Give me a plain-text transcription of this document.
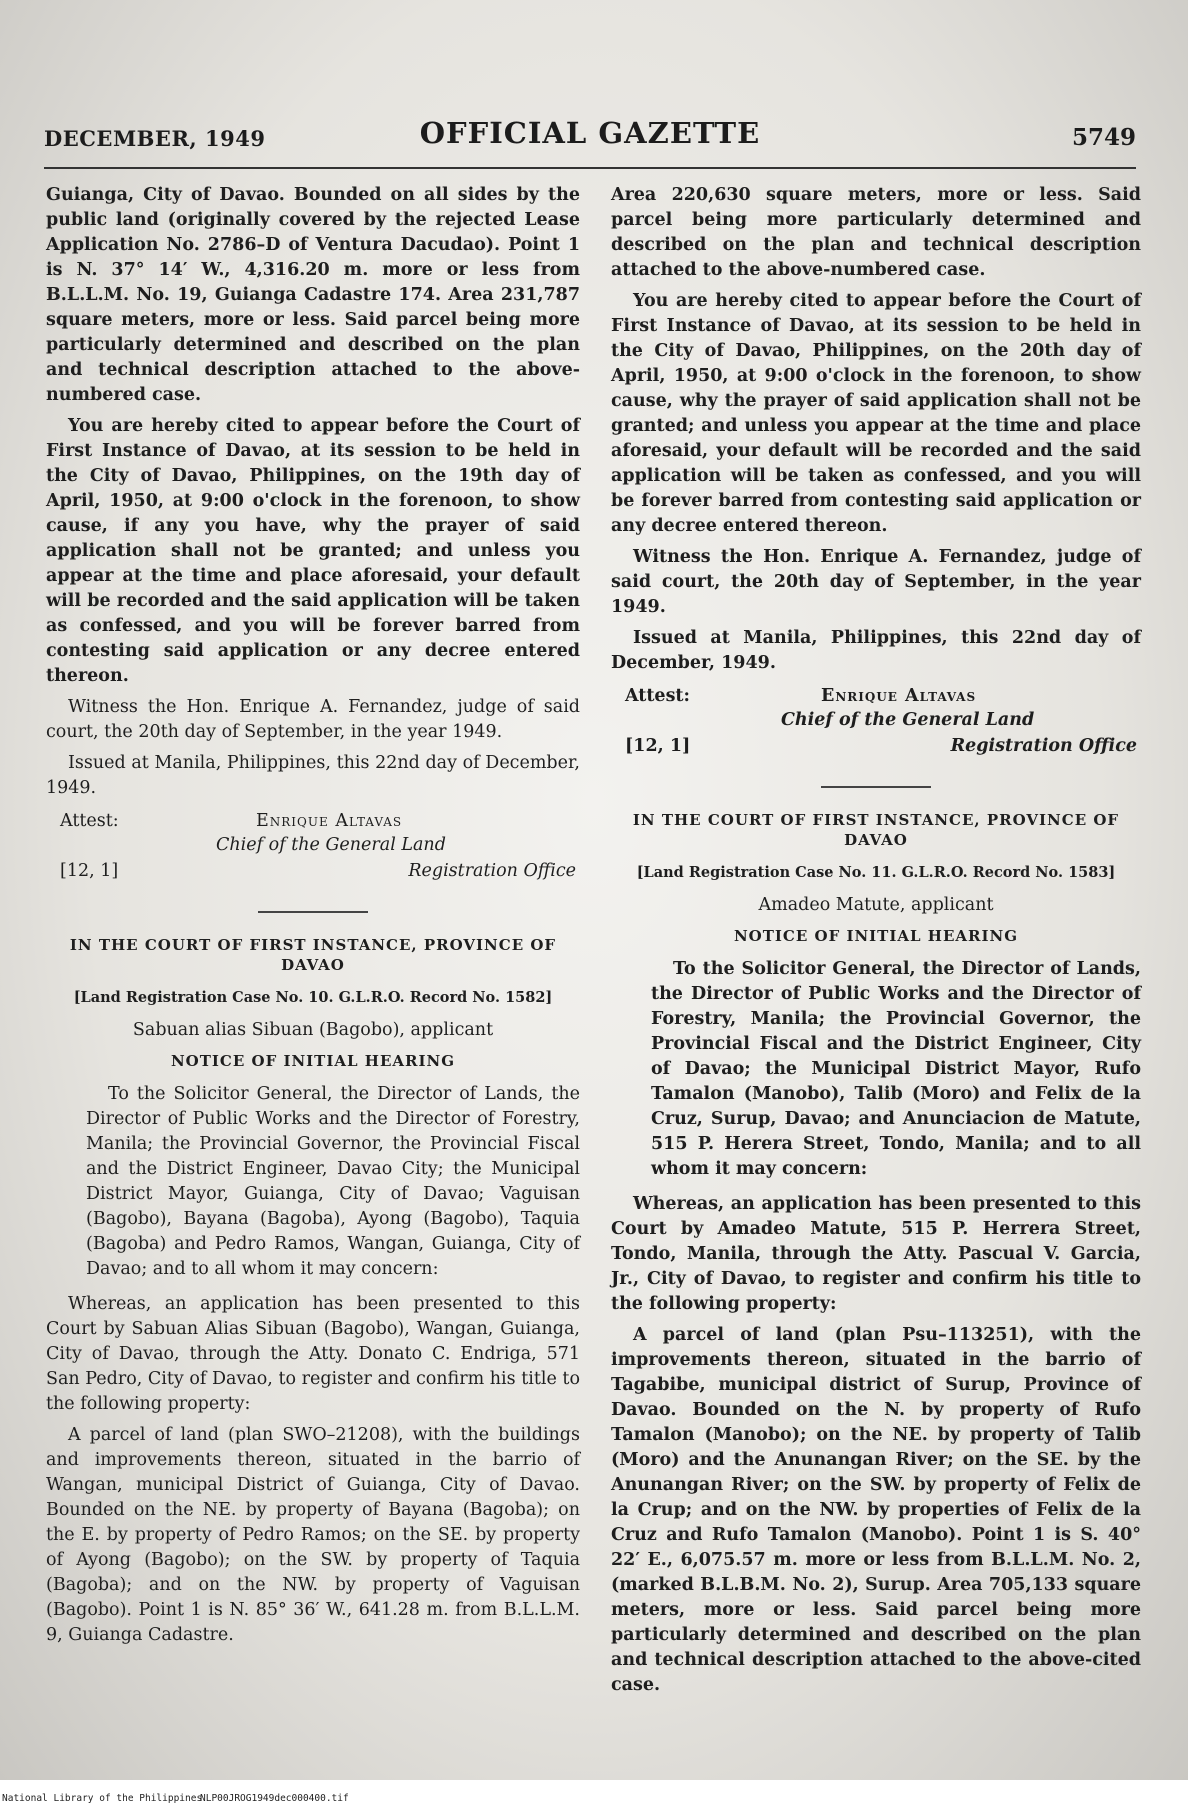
DECEMBER, 1949	OFFICIAL GAZETTE	5749

Guianga, City of Davao. Bounded on all sides by the public land (originally covered by the rejected Lease Application No. 2786–D of Ventura Dacudao). Point 1 is N. 37° 14′ W., 4,316.20 m. more or less from B.L.L.M. No. 19, Guianga Cadastre 174. Area 231,787 square meters, more or less. Said parcel being more particularly determined and described on the plan and technical description attached to the above-numbered case.

You are hereby cited to appear before the Court of First Instance of Davao, at its session to be held in the City of Davao, Philippines, on the 19th day of April, 1950, at 9:00 o'clock in the forenoon, to show cause, if any you have, why the prayer of said application shall not be granted; and unless you appear at the time and place aforesaid, your default will be recorded and the said application will be taken as confessed, and you will be forever barred from contesting said application or any decree entered thereon.

Witness the Hon. Enrique A. Fernandez, judge of said court, the 20th day of September, in the year 1949.

Issued at Manila, Philippines, this 22nd day of December, 1949.

Attest:	Enrique Altavas
Chief of the General Land
[12, 1]	Registration Office
IN THE COURT OF FIRST INSTANCE, PROVINCE OF DAVAO
[Land Registration Case No. 10. G.L.R.O. Record No. 1582]
Sabuan alias Sibuan (Bagobo), applicant
NOTICE OF INITIAL HEARING

To the Solicitor General, the Director of Lands, the Director of Public Works and the Director of Forestry, Manila; the Provincial Governor, the Provincial Fiscal and the District Engineer, Davao City; the Municipal District Mayor, Guianga, City of Davao; Vaguisan (Bagobo), Bayana (Bagoba), Ayong (Bagobo), Taquia (Bagoba) and Pedro Ramos, Wangan, Guianga, City of Davao; and to all whom it may concern:

Whereas, an application has been presented to this Court by Sabuan Alias Sibuan (Bagobo), Wangan, Guianga, City of Davao, through the Atty. Donato C. Endriga, 571 San Pedro, City of Davao, to register and confirm his title to the following property:

A parcel of land (plan SWO–21208), with the buildings and improvements thereon, situated in the barrio of Wangan, municipal District of Guianga, City of Davao. Bounded on the NE. by property of Bayana (Bagoba); on the E. by property of Pedro Ramos; on the SE. by property of Ayong (Bagobo); on the SW. by property of Taquia (Bagoba); and on the NW. by property of Vaguisan (Bagobo). Point 1 is N. 85° 36′ W., 641.28 m. from B.L.L.M. 9, Guianga Cadastre.

Area 220,630 square meters, more or less. Said parcel being more particularly determined and described on the plan and technical description attached to the above-numbered case.

You are hereby cited to appear before the Court of First Instance of Davao, at its session to be held in the City of Davao, Philippines, on the 20th day of April, 1950, at 9:00 o'clock in the forenoon, to show cause, why the prayer of said application shall not be granted; and unless you appear at the time and place aforesaid, your default will be recorded and the said application will be taken as confessed, and you will be forever barred from contesting said application or any decree entered thereon.

Witness the Hon. Enrique A. Fernandez, judge of said court, the 20th day of September, in the year 1949.

Issued at Manila, Philippines, this 22nd day of December, 1949.

Attest:	Enrique Altavas
Chief of the General Land
[12, 1]	Registration Office
IN THE COURT OF FIRST INSTANCE, PROVINCE OF DAVAO
[Land Registration Case No. 11. G.L.R.O. Record No. 1583]
Amadeo Matute, applicant
NOTICE OF INITIAL HEARING

To the Solicitor General, the Director of Lands, the Director of Public Works and the Director of Forestry, Manila; the Provincial Governor, the Provincial Fiscal and the District Engineer, City of Davao; the Municipal District Mayor, Rufo Tamalon (Manobo), Talib (Moro) and Felix de la Cruz, Surup, Davao; and Anunciacion de Matute, 515 P. Herera Street, Tondo, Manila; and to all whom it may concern:

Whereas, an application has been presented to this Court by Amadeo Matute, 515 P. Herrera Street, Tondo, Manila, through the Atty. Pascual V. Garcia, Jr., City of Davao, to register and confirm his title to the following property:

A parcel of land (plan Psu–113251), with the improvements thereon, situated in the barrio of Tagabibe, municipal district of Surup, Province of Davao. Bounded on the N. by property of Rufo Tamalon (Manobo); on the NE. by property of Talib (Moro) and the Anunangan River; on the SE. by the Anunangan River; on the SW. by property of Felix de la Crup; and on the NW. by properties of Felix de la Cruz and Rufo Tamalon (Manobo). Point 1 is S. 40° 22′ E., 6,075.57 m. more or less from B.L.L.M. No. 2, (marked B.L.B.M. No. 2), Surup. Area 705,133 square meters, more or less. Said parcel being more particularly determined and described on the plan and technical description attached to the above-cited case.

National Library of the Philippines
NLP00JROG1949dec000400.tif
